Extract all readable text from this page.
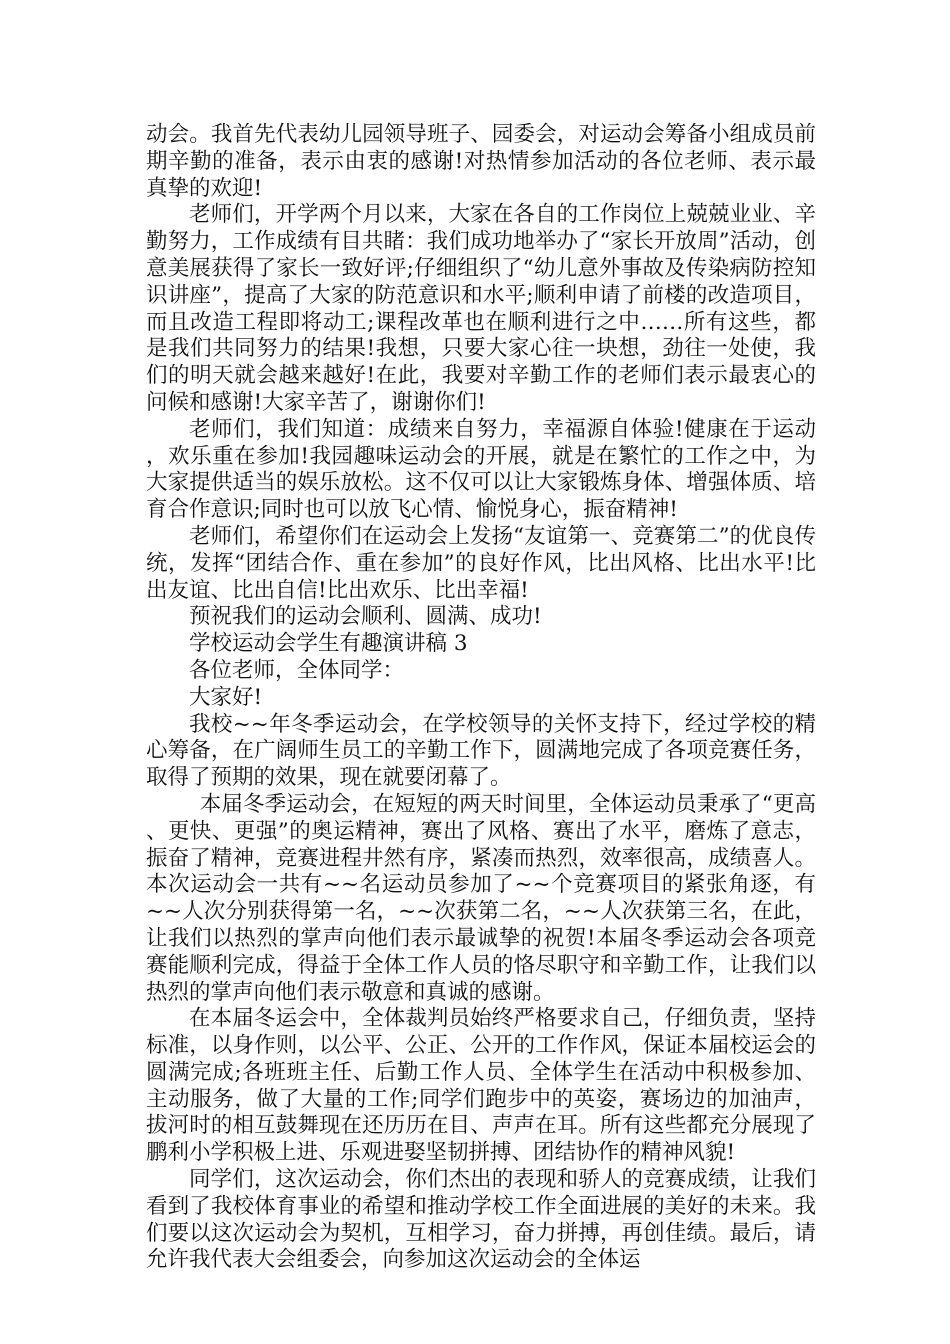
动会。我首先代表幼儿园领导班子、园委会，对运动会筹备小组成员前期辛勤的准备，表示由衷的感谢!对热情参加活动的各位老师、表示最真挚的欢迎!

老师们，开学两个月以来，大家在各自的工作岗位上兢兢业业、辛勤努力，工作成绩有目共睹：我们成功地举办了“家长开放周”活动，创意美展获得了家长一致好评;仔细组织了“幼儿意外事故及传染病防控知识讲座”，提高了大家的防范意识和水平;顺利申请了前楼的改造项目，而且改造工程即将动工;课程改革也在顺利进行之中……所有这些，都是我们共同努力的结果!我想，只要大家心往一块想，劲往一处使，我们的明天就会越来越好!在此，我要对辛勤工作的老师们表示最衷心的问候和感谢!大家辛苦了，谢谢你们!

老师们，我们知道：成绩来自努力，幸福源自体验!健康在于运动，欢乐重在参加!我园趣味运动会的开展，就是在繁忙的工作之中，为大家提供适当的娱乐放松。这不仅可以让大家锻炼身体、增强体质、培育合作意识;同时也可以放飞心情、愉悦身心，振奋精神!

老师们，希望你们在运动会上发扬“友谊第一、竞赛第二”的优良传统，发挥“团结合作、重在参加”的良好作风，比出风格、比出水平!比出友谊、比出自信!比出欢乐、比出幸福!

预祝我们的运动会顺利、圆满、成功!

学校运动会学生有趣演讲稿 3

各位老师，全体同学：

大家好!

我校~~年冬季运动会，在学校领导的关怀支持下，经过学校的精心筹备，在广阔师生员工的辛勤工作下，圆满地完成了各项竞赛任务，取得了预期的效果，现在就要闭幕了。

本届冬季运动会，在短短的两天时间里，全体运动员秉承了“更高、更快、更强”的奥运精神，赛出了风格、赛出了水平，磨炼了意志，振奋了精神，竞赛进程井然有序，紧凑而热烈，效率很高，成绩喜人。本次运动会一共有~~名运动员参加了~~个竞赛项目的紧张角逐，有~~人次分别获得第一名，~~次获第二名，~~人次获第三名，在此，让我们以热烈的掌声向他们表示最诚挚的祝贺!本届冬季运动会各项竞赛能顺利完成，得益于全体工作人员的恪尽职守和辛勤工作，让我们以热烈的掌声向他们表示敬意和真诚的感谢。

在本届冬运会中，全体裁判员始终严格要求自己，仔细负责，坚持标准，以身作则，以公平、公正、公开的工作作风，保证本届校运会的圆满完成;各班班主任、后勤工作人员、全体学生在活动中积极参加、主动服务，做了大量的工作;同学们跑步中的英姿，赛场边的加油声，拔河时的相互鼓舞现在还历历在目、声声在耳。所有这些都充分展现了鹏利小学积极上进、乐观进娶坚韧拼搏、团结协作的精神风貌!

同学们，这次运动会，你们杰出的表现和骄人的竞赛成绩，让我们看到了我校体育事业的希望和推动学校工作全面进展的美好的未来。我们要以这次运动会为契机，互相学习，奋力拼搏，再创佳绩。最后，请允许我代表大会组委会，向参加这次运动会的全体运
